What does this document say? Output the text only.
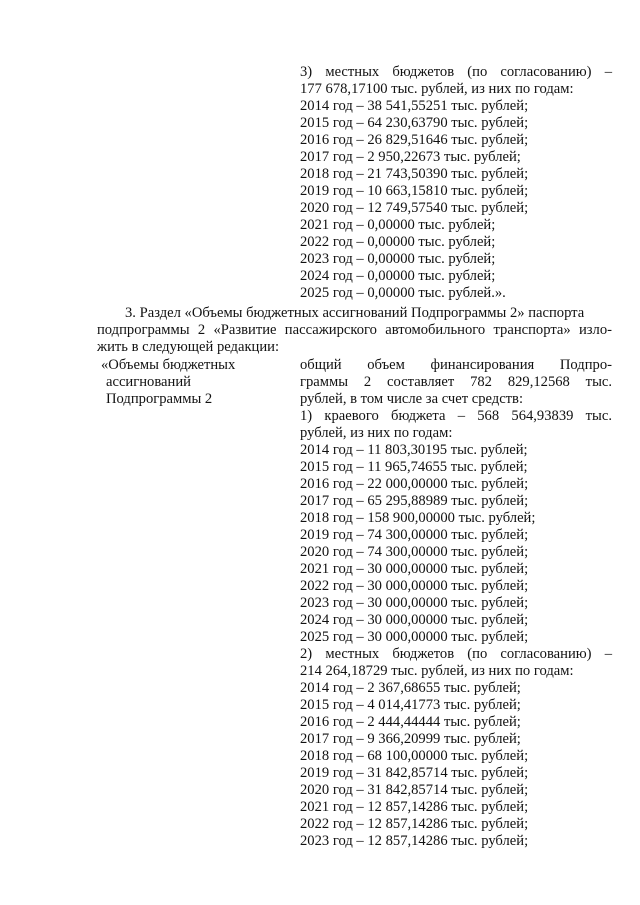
3) местных бюджетов (по согласованию) –
177 678,17100 тыс. рублей, из них по годам:
2014 год – 38 541,55251 тыс. рублей;
2015 год – 64 230,63790 тыс. рублей;
2016 год – 26 829,51646 тыс. рублей;
2017 год – 2 950,22673 тыс. рублей;
2018 год – 21 743,50390 тыс. рублей;
2019 год – 10 663,15810 тыс. рублей;
2020 год – 12 749,57540 тыс. рублей;
2021 год – 0,00000 тыс. рублей;
2022 год – 0,00000 тыс. рублей;
2023 год – 0,00000 тыс. рублей;
2024 год – 0,00000 тыс. рублей;
2025 год – 0,00000 тыс. рублей.».
3. Раздел «Объемы бюджетных ассигнований Подпрограммы 2» паспорта
подпрограммы 2 «Развитие пассажирского автомобильного транспорта» изло-
жить в следующей редакции:
«Объемы бюджетных
ассигнований
Подпрограммы 2
общий объем финансирования Подпро-
граммы 2 составляет 782 829,12568 тыс.
рублей, в том числе за счет средств:
1) краевого бюджета – 568 564,93839 тыс.
рублей, из них по годам:
2014 год – 11 803,30195 тыс. рублей;
2015 год – 11 965,74655 тыс. рублей;
2016 год – 22 000,00000 тыс. рублей;
2017 год – 65 295,88989 тыс. рублей;
2018 год – 158 900,00000 тыс. рублей;
2019 год – 74 300,00000 тыс. рублей;
2020 год – 74 300,00000 тыс. рублей;
2021 год – 30 000,00000 тыс. рублей;
2022 год – 30 000,00000 тыс. рублей;
2023 год – 30 000,00000 тыс. рублей;
2024 год – 30 000,00000 тыс. рублей;
2025 год – 30 000,00000 тыс. рублей;
2) местных бюджетов (по согласованию) –
214 264,18729 тыс. рублей, из них по годам:
2014 год – 2 367,68655 тыс. рублей;
2015 год – 4 014,41773 тыс. рублей;
2016 год – 2 444,44444 тыс. рублей;
2017 год – 9 366,20999 тыс. рублей;
2018 год – 68 100,00000 тыс. рублей;
2019 год – 31 842,85714 тыс. рублей;
2020 год – 31 842,85714 тыс. рублей;
2021 год – 12 857,14286 тыс. рублей;
2022 год – 12 857,14286 тыс. рублей;
2023 год – 12 857,14286 тыс. рублей;
